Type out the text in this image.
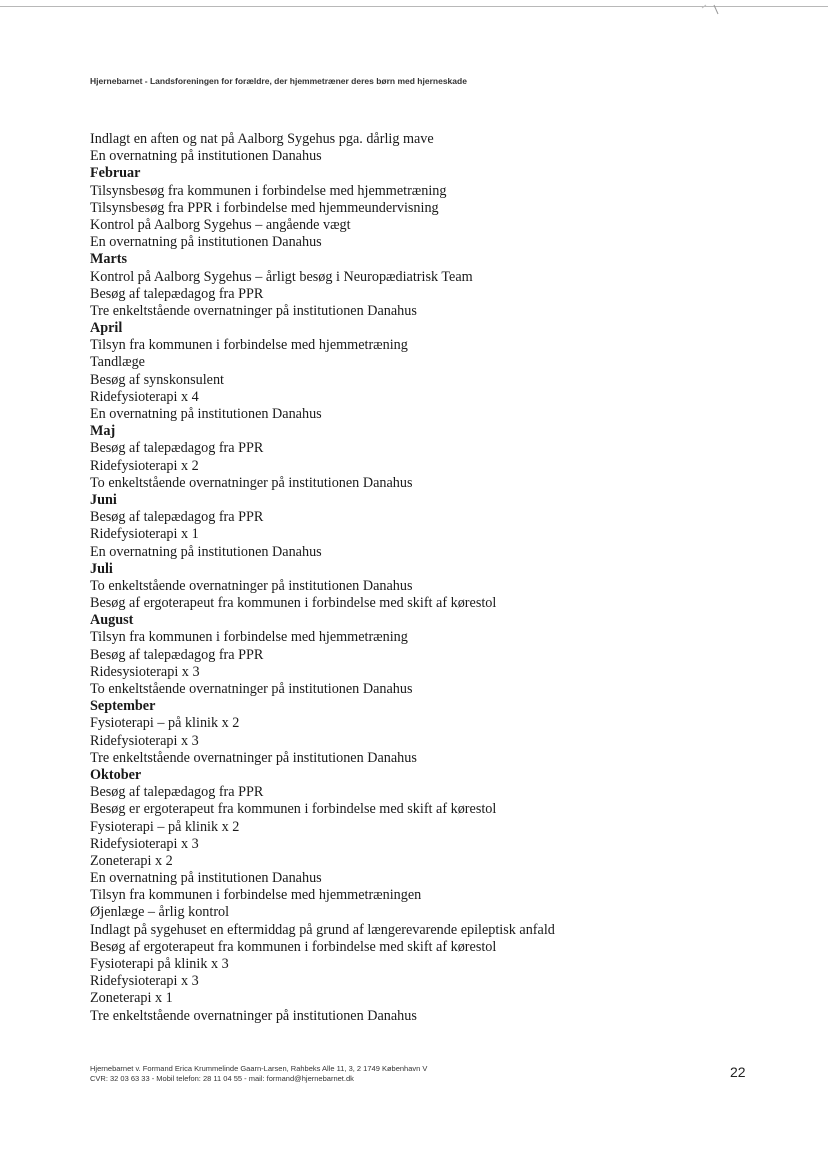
Hjernebarnet - Landsforeningen for forældre, der hjemmetræner deres børn med hjerneskade
Indlagt en aften og nat på Aalborg Sygehus pga. dårlig mave
En overnatning på institutionen Danahus
Februar
Tilsynsbesøg fra kommunen i forbindelse med hjemmetræning
Tilsynsbesøg fra PPR i forbindelse med hjemmeundervisning
Kontrol på Aalborg Sygehus – angående vægt
En overnatning på institutionen Danahus
Marts
Kontrol på Aalborg Sygehus – årligt besøg i Neuropædiatrisk Team
Besøg af talepædagog fra PPR
Tre enkeltstående overnatninger på institutionen Danahus
April
Tilsyn fra kommunen i forbindelse med hjemmetræning
Tandlæge
Besøg af synskonsulent
Ridefysioterapi x 4
En overnatning på institutionen Danahus
Maj
Besøg af talepædagog fra PPR
Ridefysioterapi x 2
To enkeltstående overnatninger på institutionen Danahus
Juni
Besøg af talepædagog fra PPR
Ridefysioterapi x 1
En overnatning på institutionen Danahus
Juli
To enkeltstående overnatninger på institutionen Danahus
Besøg af ergoterapeut fra kommunen i forbindelse med skift af kørestol
August
Tilsyn fra kommunen i forbindelse med hjemmetræning
Besøg af talepædagog fra PPR
Ridesysioterapi x 3
To enkeltstående overnatninger på institutionen Danahus
September
Fysioterapi – på klinik x 2
Ridefysioterapi x 3
Tre enkeltstående overnatninger på institutionen Danahus
Oktober
Besøg af talepædagog fra PPR
Besøg er ergoterapeut fra kommunen i forbindelse med skift af kørestol
Fysioterapi – på klinik x 2
Ridefysioterapi x 3
Zoneterapi x 2
En overnatning på institutionen Danahus
Tilsyn fra kommunen i forbindelse med hjemmetræningen
Øjenlæge – årlig kontrol
Indlagt på sygehuset en eftermiddag på grund af længerevarende epileptisk anfald
Besøg af ergoterapeut fra kommunen i forbindelse med skift af kørestol
Fysioterapi på klinik x 3
Ridefysioterapi x 3
Zoneterapi x 1
Tre enkeltstående overnatninger på institutionen Danahus
Hjernebarnet v. Formand Erica Krummelinde Gaarn-Larsen, Rahbeks Alle 11, 3, 2 1749 København V
CVR: 32 03 63 33 - Mobil telefon: 28 11 04 55 - mail: formand@hjernebarnet.dk	22
